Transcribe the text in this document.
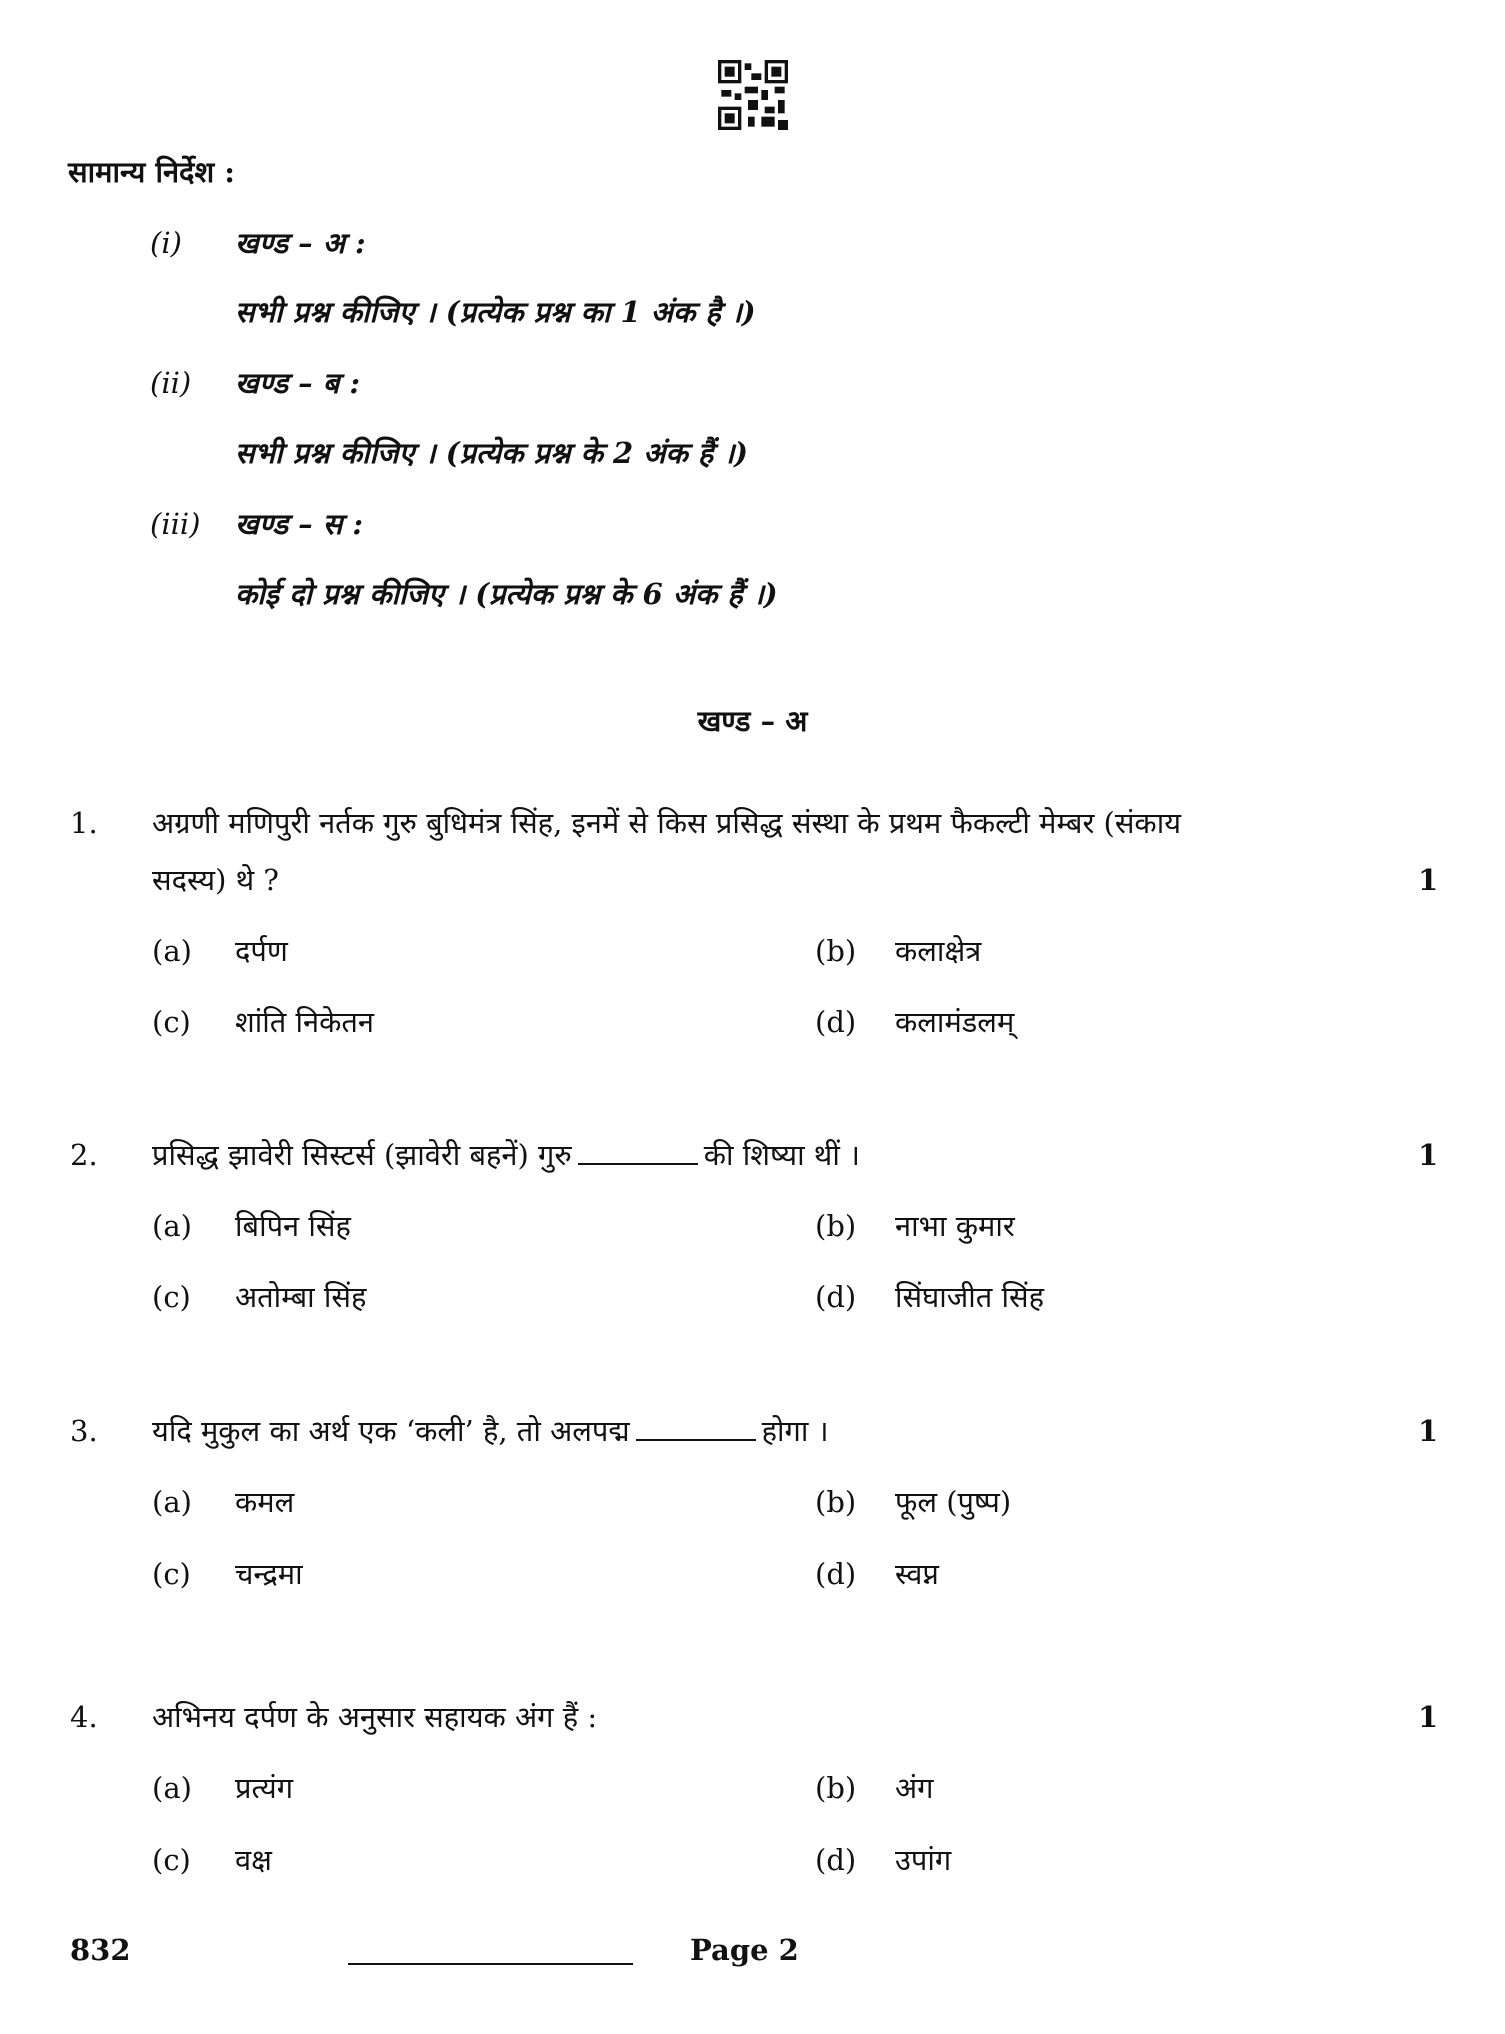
सामान्य निर्देश :
(i) खण्ड – अ :
सभी प्रश्न कीजिए । (प्रत्येक प्रश्न का 1 अंक है ।)
(ii) खण्ड – ब :
सभी प्रश्न कीजिए । (प्रत्येक प्रश्न के 2 अंक हैं ।)
(iii) खण्ड – स :
कोई दो प्रश्न कीजिए । (प्रत्येक प्रश्न के 6 अंक हैं ।)
खण्ड – अ
1. अग्रणी मणिपुरी नर्तक गुरु बुधिमंत्र सिंह, इनमें से किस प्रसिद्ध संस्था के प्रथम फैकल्टी मेम्बर (संकाय
सदस्य) थे ?	1
(a) दर्पण	(b) कलाक्षेत्र
(c) शांति निकेतन	(d) कलामंडलम्
2. प्रसिद्ध झावेरी सिस्टर्स (झावेरी बहनें) गुरु	की शिष्या थीं ।	1
(a) बिपिन सिंह	(b) नाभा कुमार
(c) अतोम्बा सिंह	(d) सिंघाजीत सिंह
3. यदि मुकुल का अर्थ एक ‘कली’ है, तो अलपद्म	होगा ।	1
(a) कमल	(b) फूल (पुष्प)
(c) चन्द्रमा	(d) स्वप्न
4. अभिनय दर्पण के अनुसार सहायक अंग हैं :	1
(a) प्रत्यंग	(b) अंग
(c) वक्ष	(d) उपांग
832	Page 2
